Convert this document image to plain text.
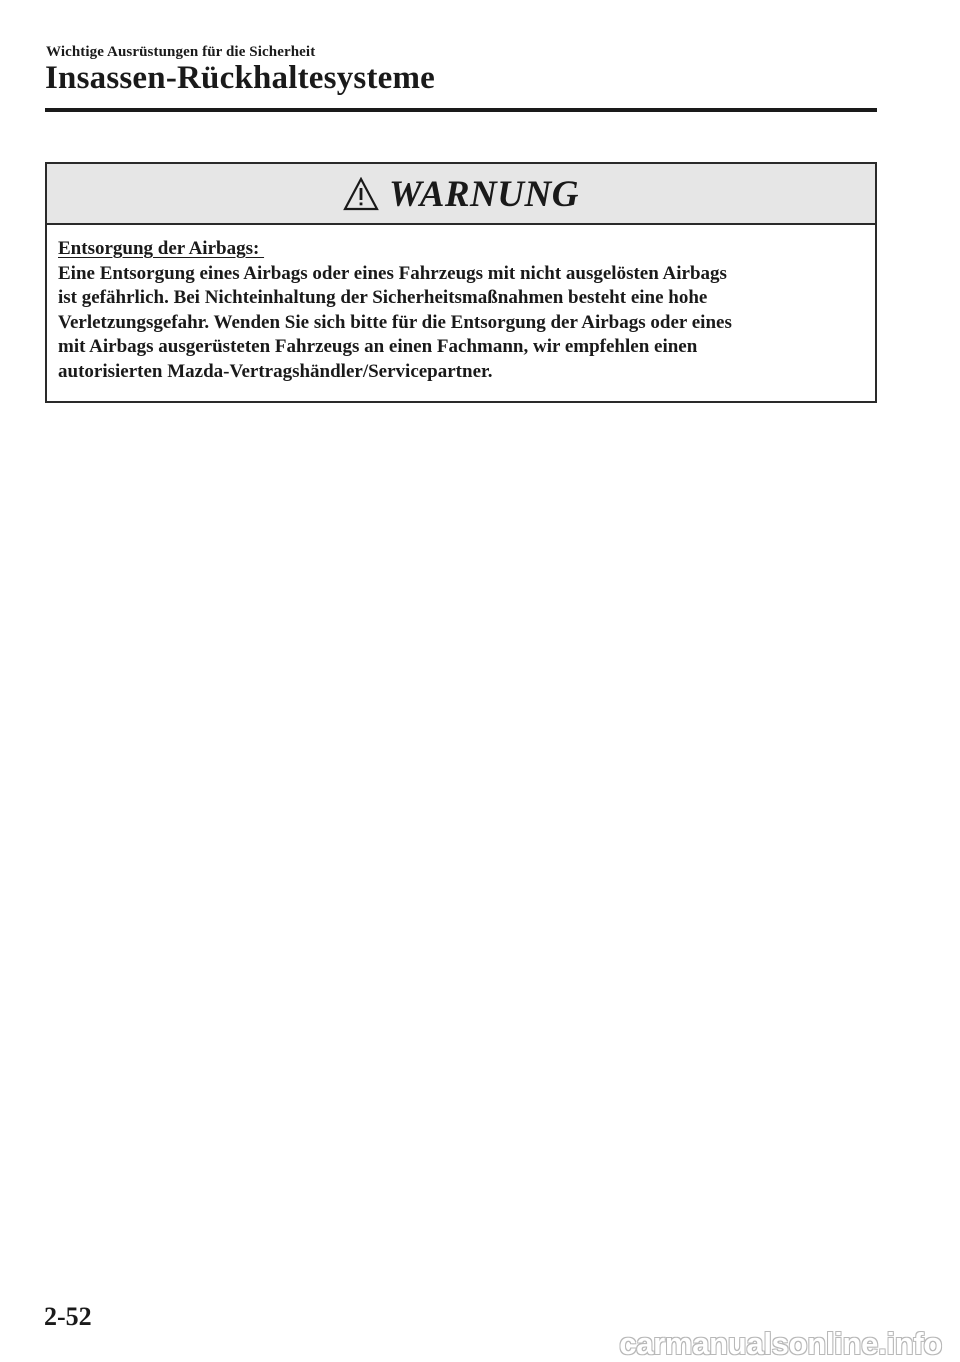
Wichtige Ausrüstungen für die Sicherheit
Insassen-Rückhaltesysteme
WARNUNG
Entsorgung der Airbags:
Eine Entsorgung eines Airbags oder eines Fahrzeugs mit nicht ausgelösten Airbags
ist gefährlich. Bei Nichteinhaltung der Sicherheitsmaßnahmen besteht eine hohe
Verletzungsgefahr. Wenden Sie sich bitte für die Entsorgung der Airbags oder eines
mit Airbags ausgerüsteten Fahrzeugs an einen Fachmann, wir empfehlen einen
autorisierten Mazda-Vertragshändler/Servicepartner.
2-52
carmanualsonline.info
